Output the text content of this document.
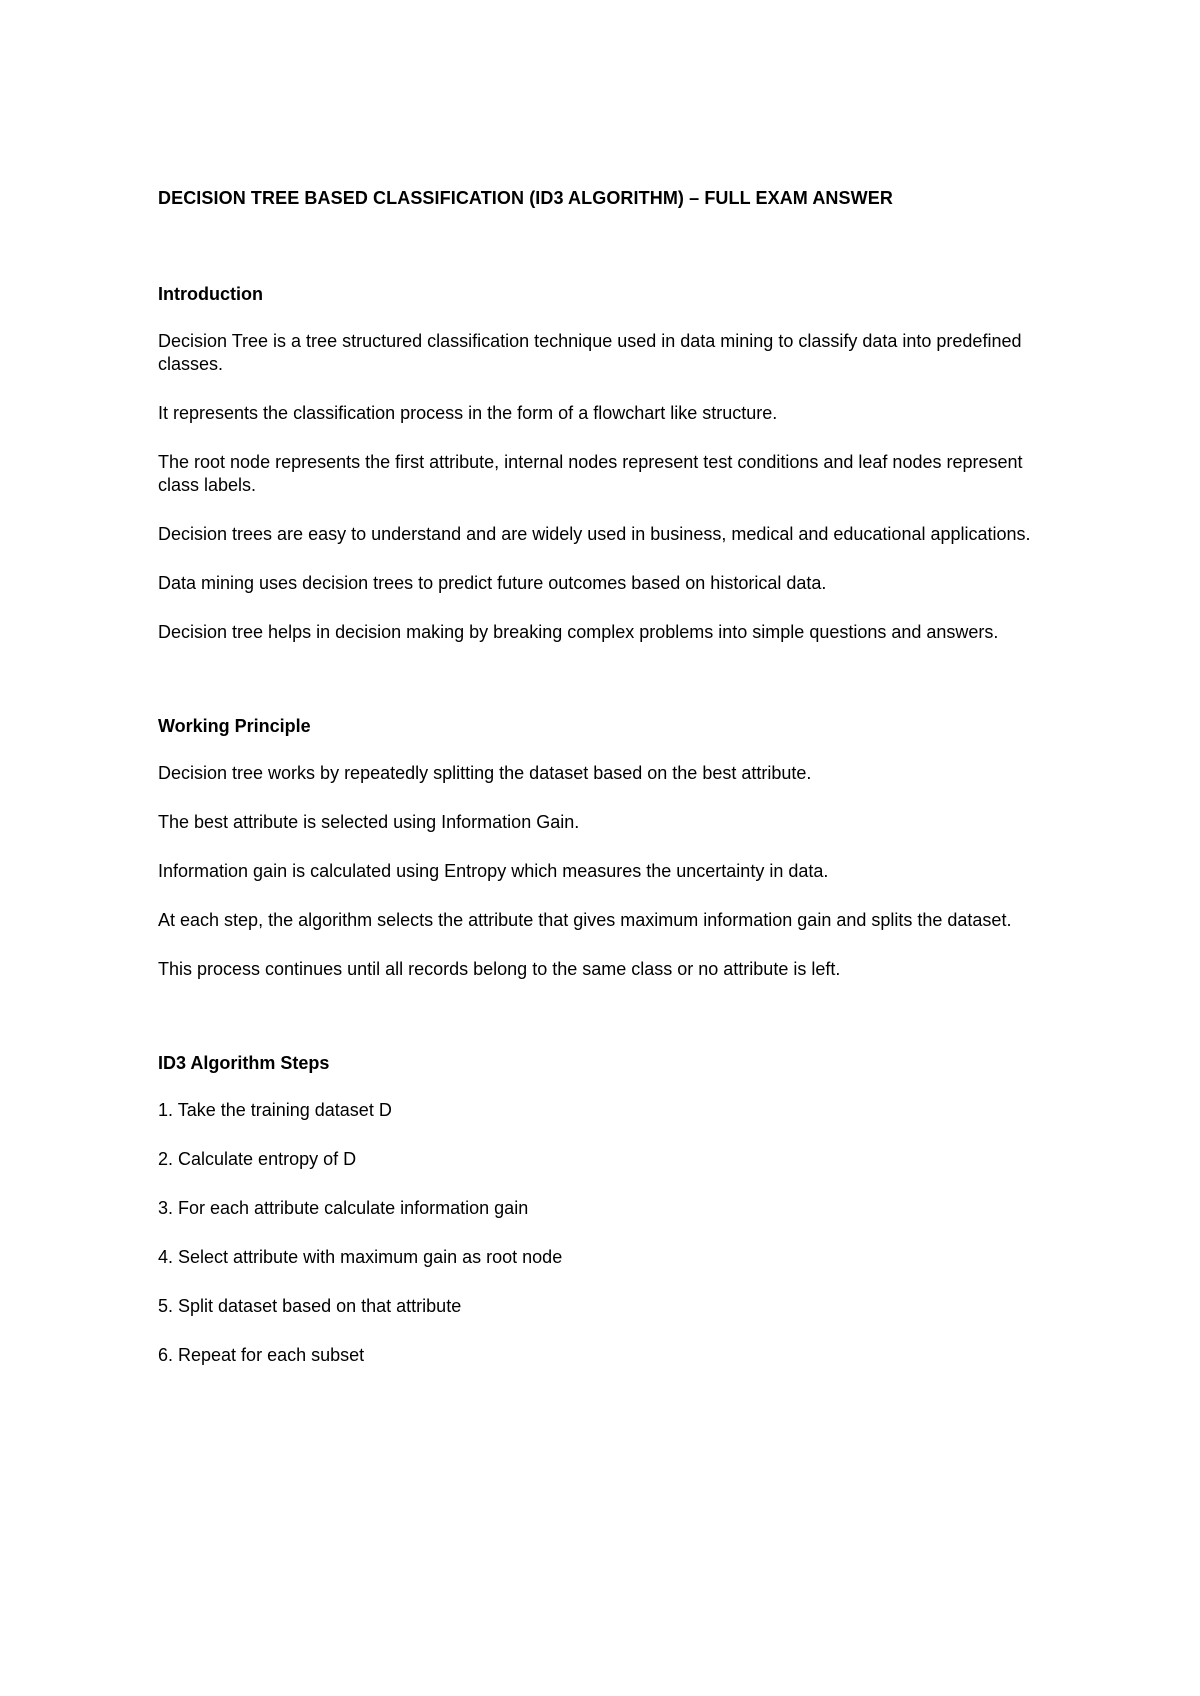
DECISION TREE BASED CLASSIFICATION (ID3 ALGORITHM) – FULL EXAM ANSWER

Introduction

Decision Tree is a tree structured classification technique used in data mining to classify data into predefined classes.

It represents the classification process in the form of a flowchart like structure.

The root node represents the first attribute, internal nodes represent test conditions and leaf nodes represent class labels.

Decision trees are easy to understand and are widely used in business, medical and educational applications.

Data mining uses decision trees to predict future outcomes based on historical data.

Decision tree helps in decision making by breaking complex problems into simple questions and answers.

Working Principle

Decision tree works by repeatedly splitting the dataset based on the best attribute.

The best attribute is selected using Information Gain.

Information gain is calculated using Entropy which measures the uncertainty in data.

At each step, the algorithm selects the attribute that gives maximum information gain and splits the dataset.

This process continues until all records belong to the same class or no attribute is left.

ID3 Algorithm Steps

1. Take the training dataset D

2. Calculate entropy of D

3. For each attribute calculate information gain

4. Select attribute with maximum gain as root node

5. Split dataset based on that attribute

6. Repeat for each subset
